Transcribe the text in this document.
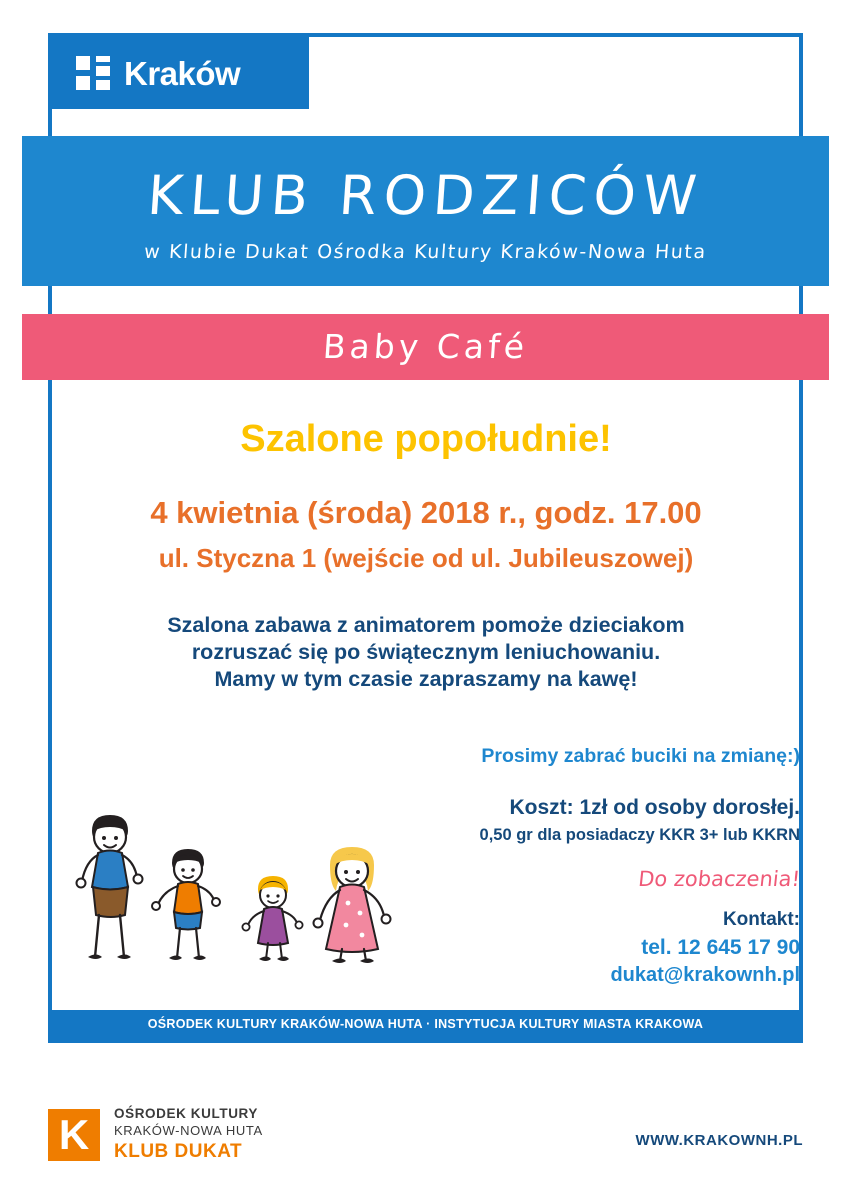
Kraków
KLUB RODZICÓW
w Klubie Dukat Ośrodka Kultury Kraków-Nowa Huta
Baby Café
Szalone popołudnie!
4 kwietnia (środa) 2018 r., godz. 17.00
ul. Styczna 1 (wejście od ul. Jubileuszowej)
Szalona zabawa z animatorem pomoże dzieciakom
rozruszać się po świątecznym leniuchowaniu.
Mamy w tym czasie zapraszamy na kawę!
Prosimy zabrać buciki na zmianę:)
Koszt: 1zł od osoby dorosłej.
0,50 gr dla posiadaczy KKR 3+ lub KKRN
Do zobaczenia!
Kontakt:
tel. 12 645 17 90
dukat@krakownh.pl
OŚRODEK KULTURY KRAKÓW-NOWA HUTA · INSTYTUCJA KULTURY MIASTA KRAKOWA
K	OŚRODEK KULTURY
KRAKÓW-NOWA HUTA
KLUB DUKAT
WWW.KRAKOWNH.PL
